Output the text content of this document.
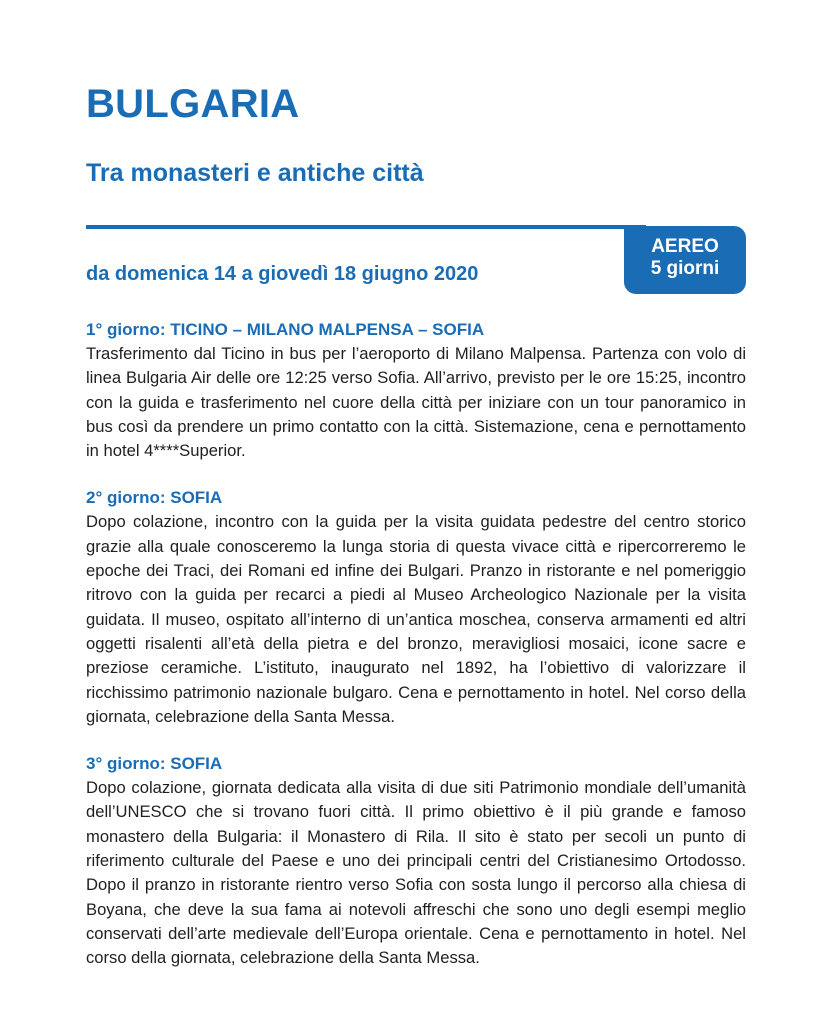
BULGARIA
Tra monasteri e antiche città
AEREO
5 giorni
da domenica 14 a giovedì 18 giugno 2020
1° giorno: TICINO – MILANO MALPENSA – SOFIA
Trasferimento dal Ticino in bus per l’aeroporto di Milano Malpensa. Partenza con volo di linea Bulgaria Air delle ore 12:25 verso Sofia. All’arrivo, previsto per le ore 15:25, incontro con la guida e trasferimento nel cuore della città per iniziare con un tour panoramico in bus così da prendere un primo contatto con la città. Sistemazione, cena e pernottamento in hotel 4****Superior.
2° giorno: SOFIA
Dopo colazione, incontro con la guida per la visita guidata pedestre del centro storico grazie alla quale conosceremo la lunga storia di questa vivace città e ripercorreremo le epoche dei Traci, dei Romani ed infine dei Bulgari. Pranzo in ristorante e nel pomeriggio ritrovo con la guida per recarci a piedi al Museo Archeologico Nazionale per la visita guidata. Il museo, ospitato all’interno di un’antica moschea, conserva armamenti ed altri oggetti risalenti all’età della pietra e del bronzo, meravigliosi mosaici, icone sacre e preziose ceramiche. L’istituto, inaugurato nel 1892, ha l’obiettivo di valorizzare il ricchissimo patrimonio nazionale bulgaro. Cena e pernottamento in hotel. Nel corso della giornata, celebrazione della Santa Messa.
3° giorno: SOFIA
Dopo colazione, giornata dedicata alla visita di due siti Patrimonio mondiale dell’umanità dell’UNESCO che si trovano fuori città. Il primo obiettivo è il più grande e famoso monastero della Bulgaria: il Monastero di Rila. Il sito è stato per secoli un punto di riferimento culturale del Paese e uno dei principali centri del Cristianesimo Ortodosso. Dopo il pranzo in ristorante rientro verso Sofia con sosta lungo il percorso alla chiesa di Boyana, che deve la sua fama ai notevoli affreschi che sono uno degli esempi meglio conservati dell’arte medievale dell’Europa orientale. Cena e pernottamento in hotel. Nel corso della giornata, celebrazione della Santa Messa.
